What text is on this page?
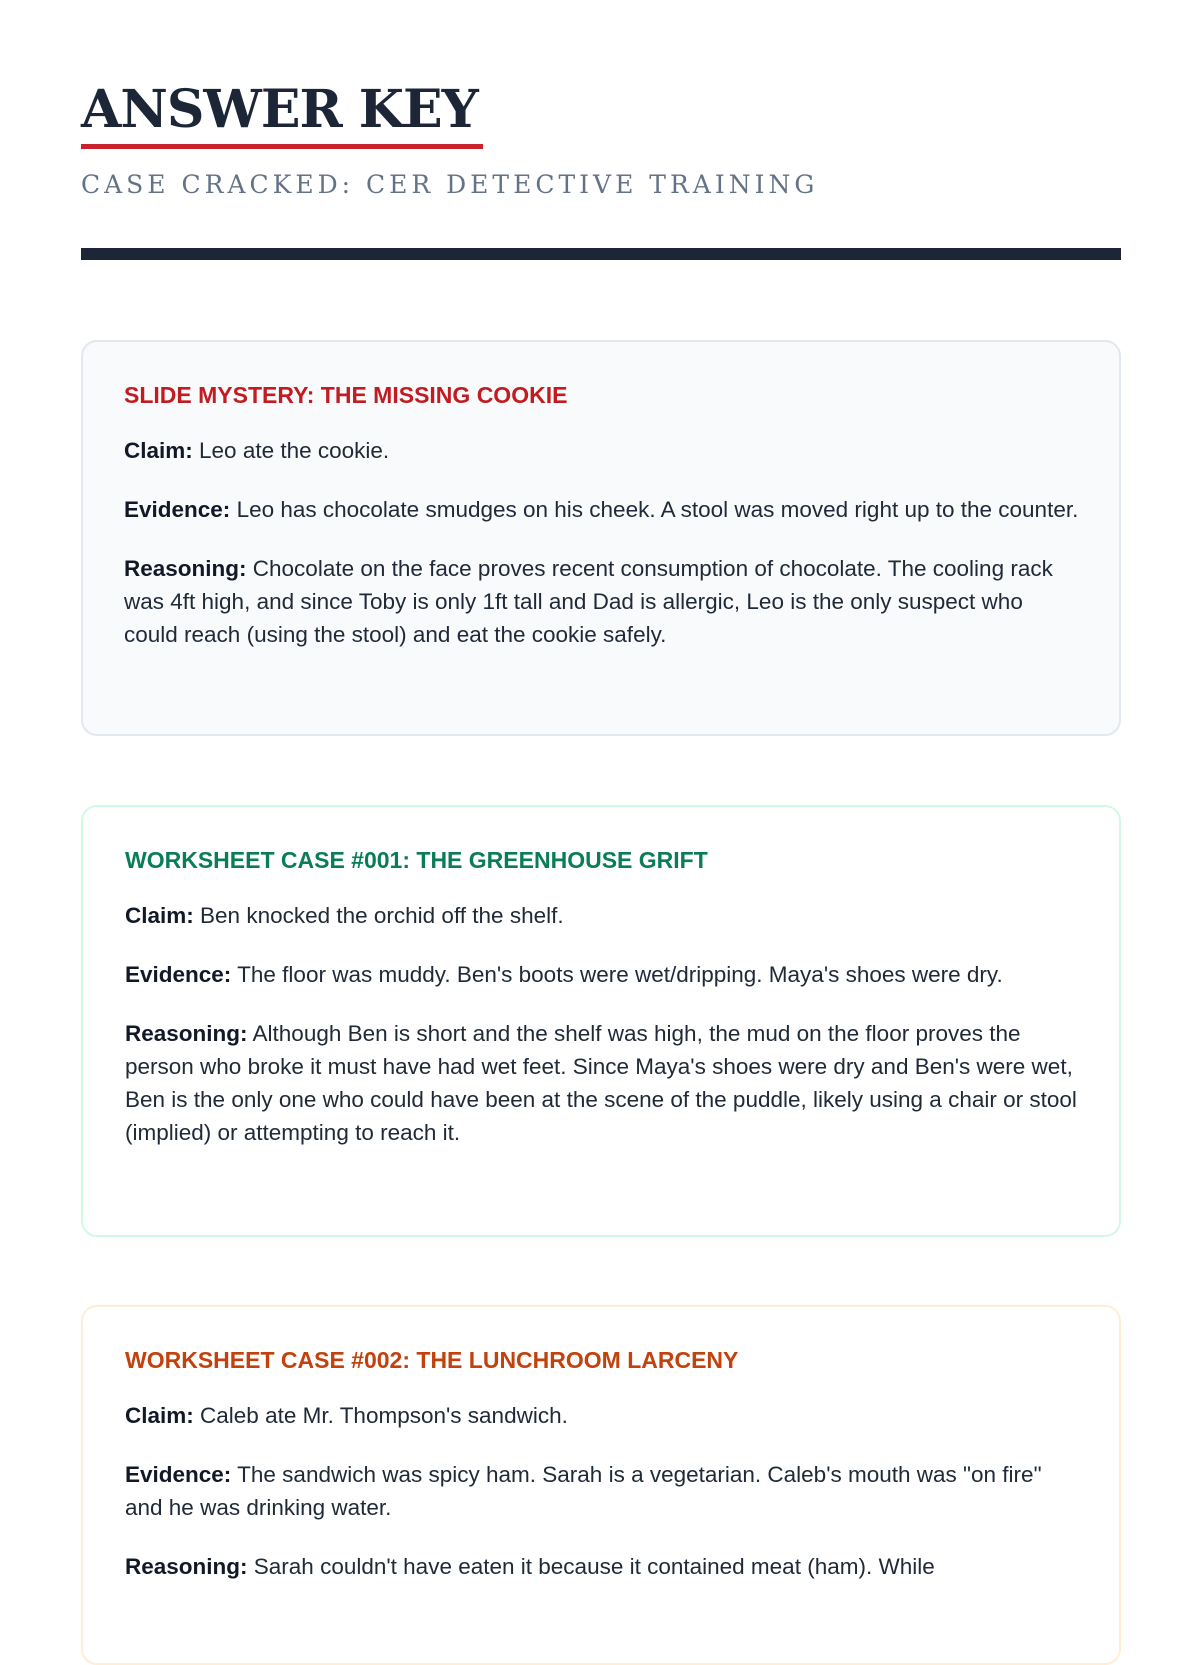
ANSWER KEY
CASE CRACKED: CER DETECTIVE TRAINING
SLIDE MYSTERY: THE MISSING COOKIE

Claim: Leo ate the cookie.

Evidence: Leo has chocolate smudges on his cheek. A stool was moved right up to the counter.

Reasoning: Chocolate on the face proves recent consumption of chocolate. The cooling rack was 4ft high, and since Toby is only 1ft tall and Dad is allergic, Leo is the only suspect who could reach (using the stool) and eat the cookie safely.

WORKSHEET CASE #001: THE GREENHOUSE GRIFT

Claim: Ben knocked the orchid off the shelf.

Evidence: The floor was muddy. Ben's boots were wet/dripping. Maya's shoes were dry.

Reasoning: Although Ben is short and the shelf was high, the mud on the floor proves the person who broke it must have had wet feet. Since Maya's shoes were dry and Ben's were wet, Ben is the only one who could have been at the scene of the puddle, likely using a chair or stool (implied) or attempting to reach it.

WORKSHEET CASE #002: THE LUNCHROOM LARCENY

Claim: Caleb ate Mr. Thompson's sandwich.

Evidence: The sandwich was spicy ham. Sarah is a vegetarian. Caleb's mouth was "on fire" and he was drinking water.

Reasoning: Sarah couldn't have eaten it because it contained meat (ham). While
